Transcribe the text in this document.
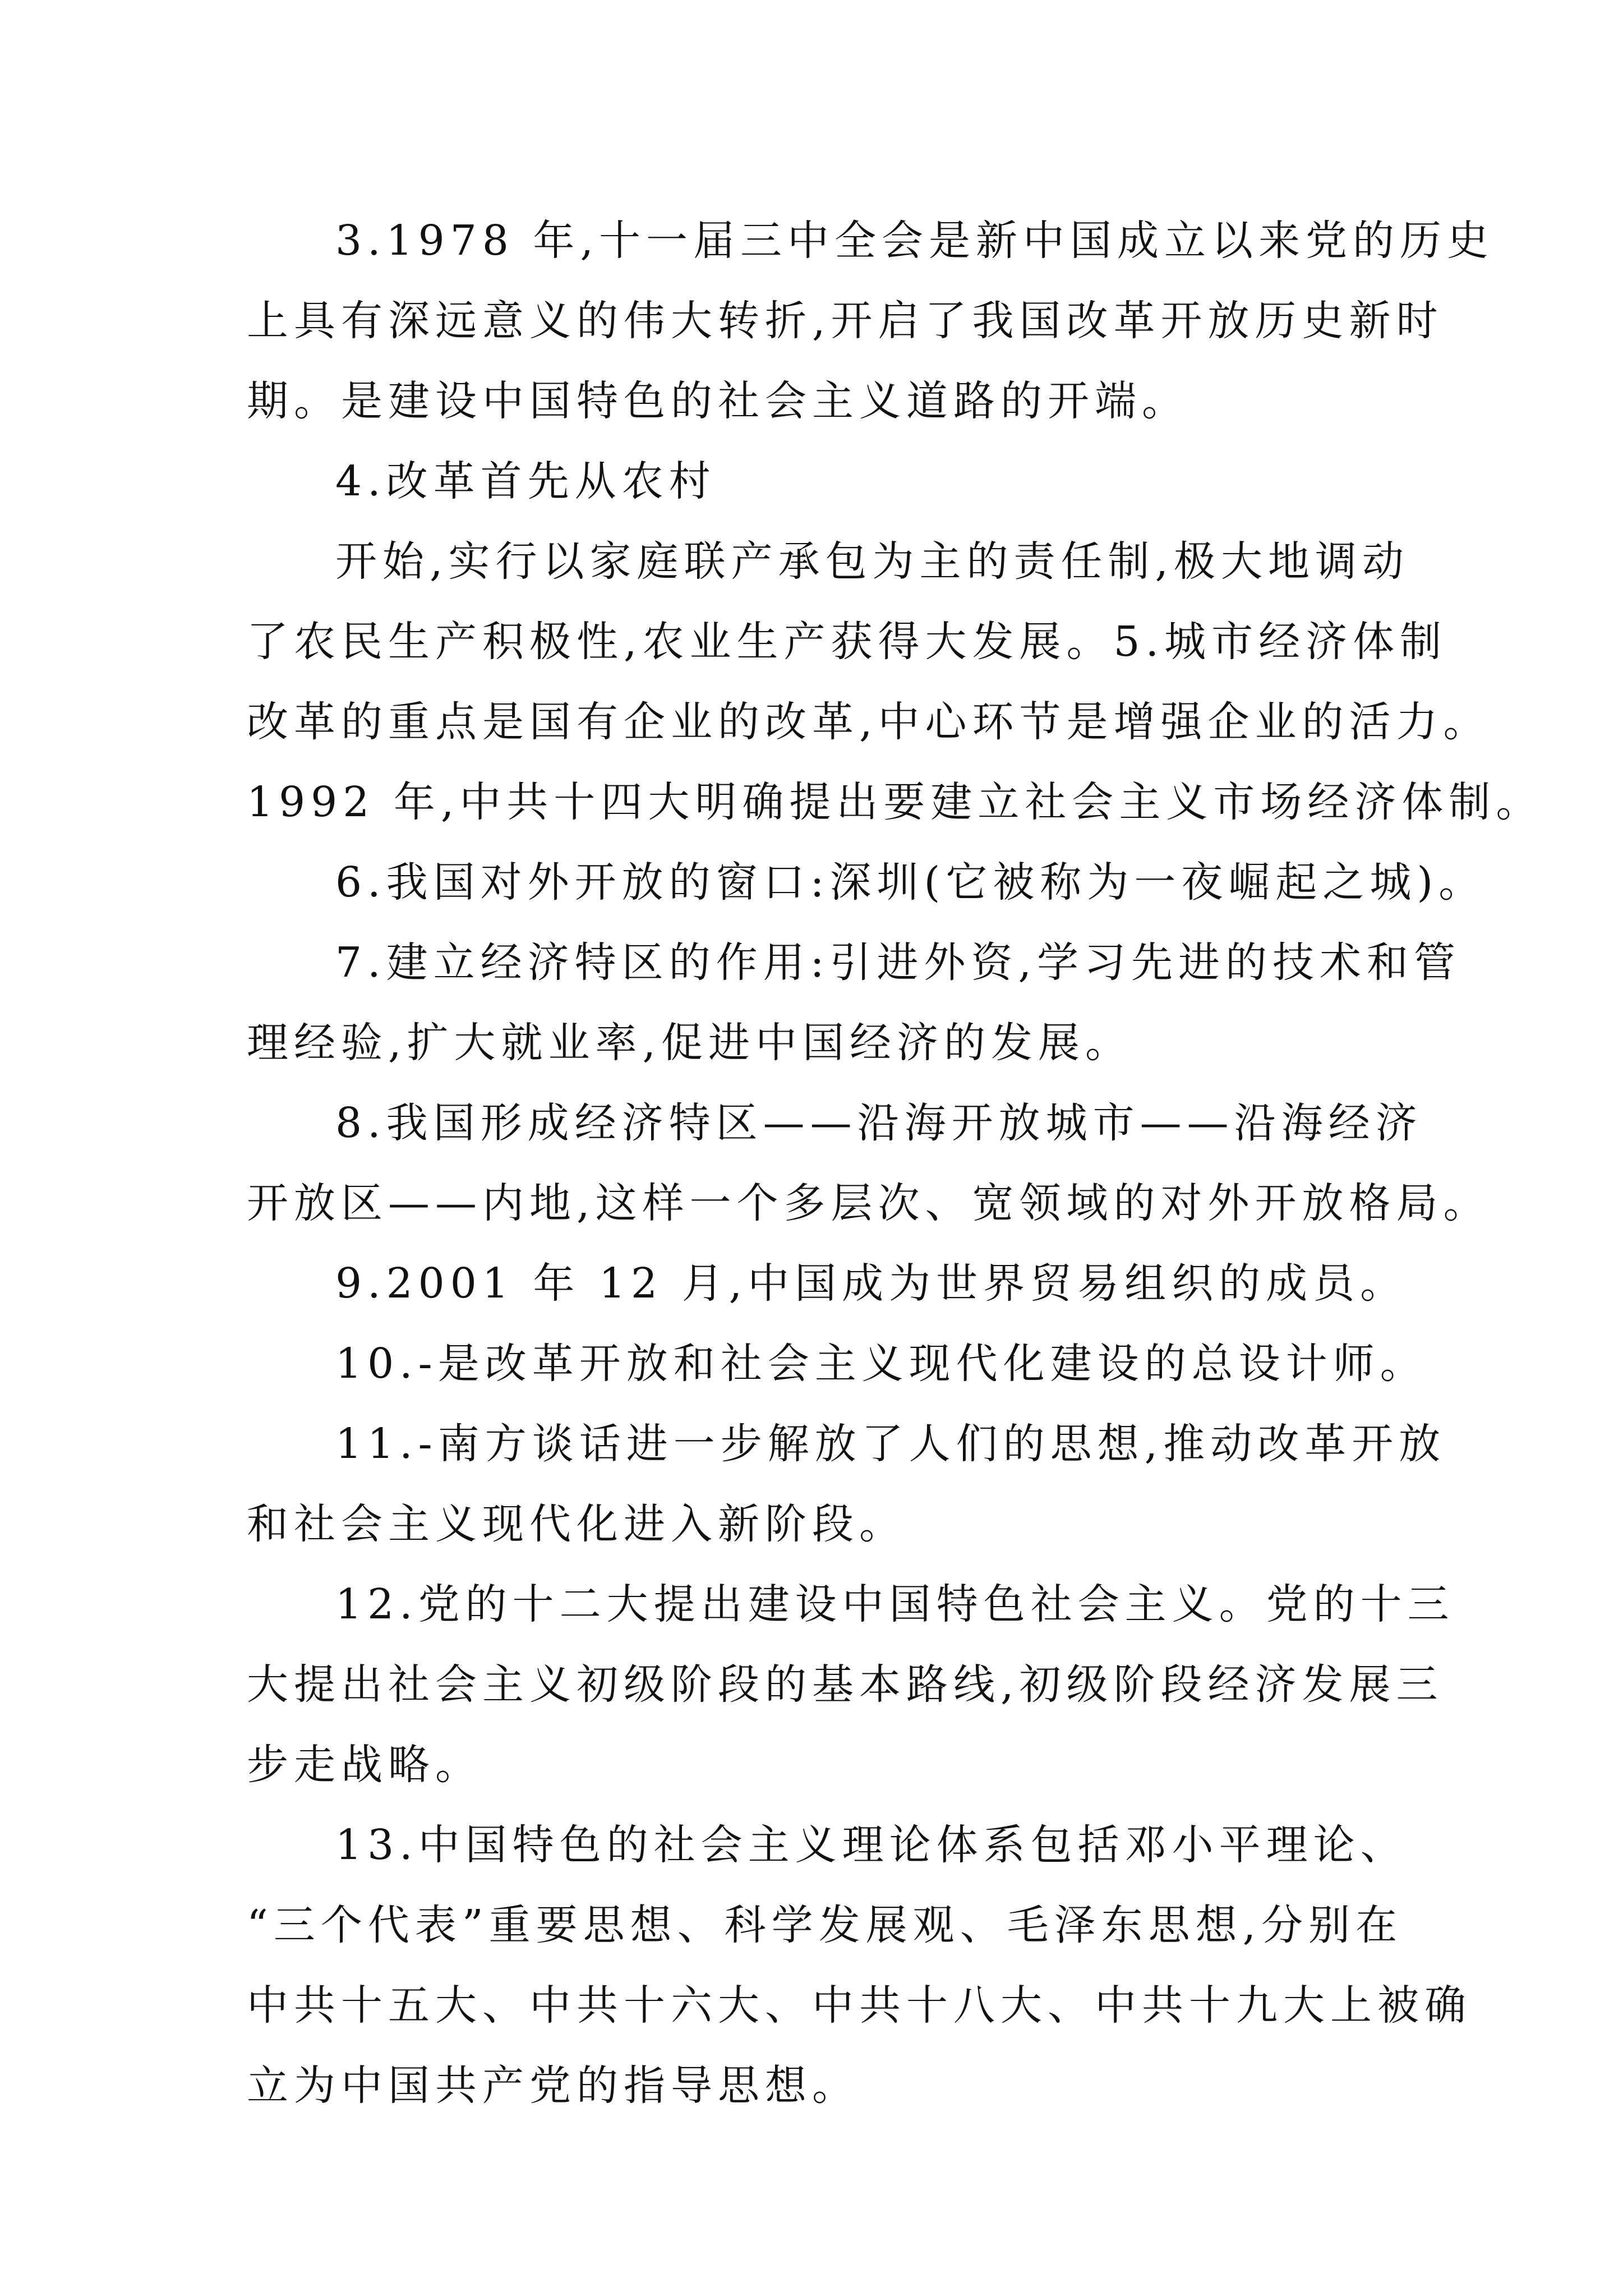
3.1978 年,十一届三中全会是新中国成立以来党的历史
上具有深远意义的伟大转折,开启了我国改革开放历史新时
期。是建设中国特色的社会主义道路的开端。
4.改革首先从农村
开始,实行以家庭联产承包为主的责任制,极大地调动
了农民生产积极性,农业生产获得大发展。5.城市经济体制
改革的重点是国有企业的改革,中心环节是增强企业的活力。
1992 年,中共十四大明确提出要建立社会主义市场经济体制。
6.我国对外开放的窗口:深圳(它被称为一夜崛起之城)。
7.建立经济特区的作用:引进外资,学习先进的技术和管
理经验,扩大就业率,促进中国经济的发展。
8.我国形成经济特区——沿海开放城市——沿海经济
开放区——内地,这样一个多层次、宽领域的对外开放格局。
9.2001 年 12 月,中国成为世界贸易组织的成员。
10.-是改革开放和社会主义现代化建设的总设计师。
11.-南方谈话进一步解放了人们的思想,推动改革开放
和社会主义现代化进入新阶段。
12.党的十二大提出建设中国特色社会主义。党的十三
大提出社会主义初级阶段的基本路线,初级阶段经济发展三
步走战略。
13.中国特色的社会主义理论体系包括邓小平理论、
“三个代表”重要思想、科学发展观、毛泽东思想,分别在
中共十五大、中共十六大、中共十八大、中共十九大上被确
立为中国共产党的指导思想。
